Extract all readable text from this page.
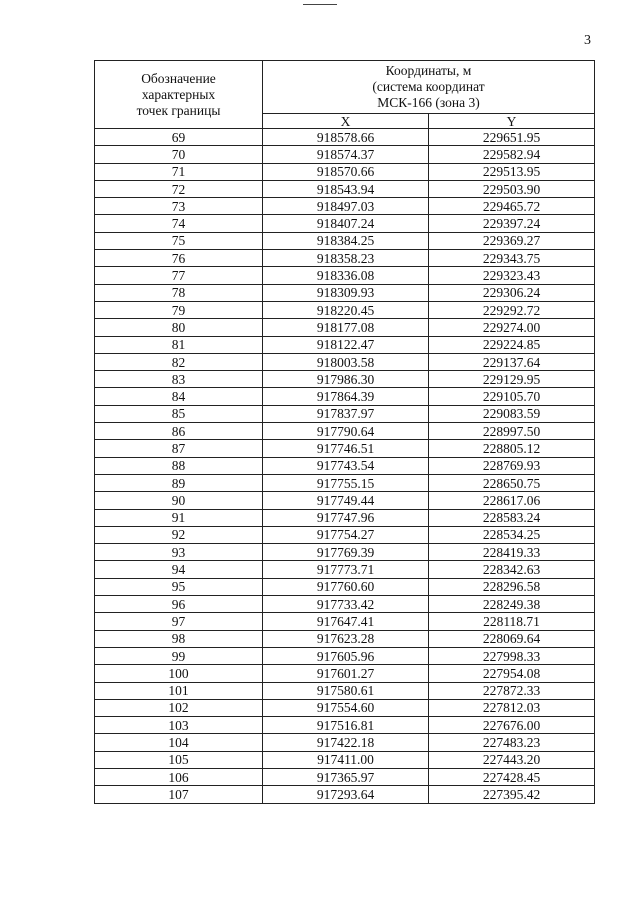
3
Обозначение
характерных
точек границы	Координаты, м
(система координат
МСК-166 (зона 3)	

	X	Y
69	918578.66	229651.95
70	918574.37	229582.94
71	918570.66	229513.95
72	918543.94	229503.90
73	918497.03	229465.72
74	918407.24	229397.24
75	918384.25	229369.27
76	918358.23	229343.75
77	918336.08	229323.43
78	918309.93	229306.24
79	918220.45	229292.72
80	918177.08	229274.00
81	918122.47	229224.85
82	918003.58	229137.64
83	917986.30	229129.95
84	917864.39	229105.70
85	917837.97	229083.59
86	917790.64	228997.50
87	917746.51	228805.12
88	917743.54	228769.93
89	917755.15	228650.75
90	917749.44	228617.06
91	917747.96	228583.24
92	917754.27	228534.25
93	917769.39	228419.33
94	917773.71	228342.63
95	917760.60	228296.58
96	917733.42	228249.38
97	917647.41	228118.71
98	917623.28	228069.64
99	917605.96	227998.33
100	917601.27	227954.08
101	917580.61	227872.33
102	917554.60	227812.03
103	917516.81	227676.00
104	917422.18	227483.23
105	917411.00	227443.20
106	917365.97	227428.45
107	917293.64	227395.42
